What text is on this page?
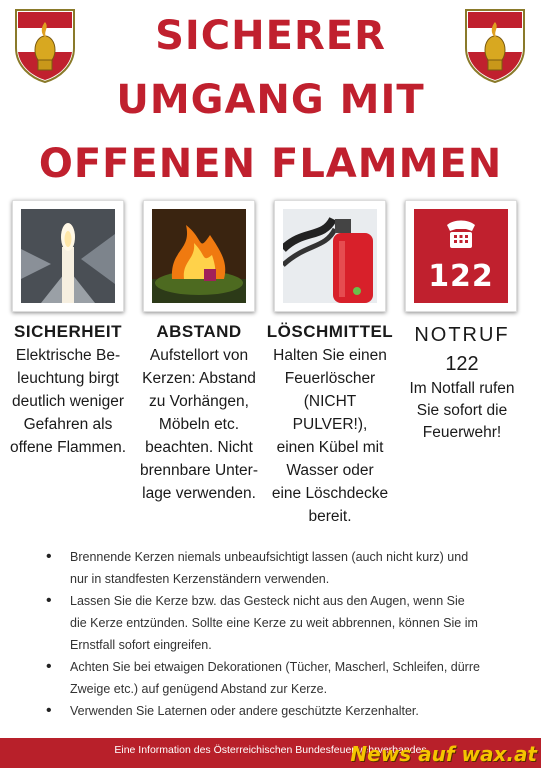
SICHERER
UMGANG MIT
OFFENEN FLAMMEN
122
SICHERHEIT

Elektrische Be-
leuchtung birgt
deutlich weniger
Gefahren als
offene Flammen.

ABSTAND

Aufstellort von
Kerzen: Abstand
zu Vorhängen,
Möbeln etc.
beachten. Nicht
brennbare Unter-
lage verwenden.

LÖSCHMITTEL

Halten Sie einen
Feuerlöscher
(NICHT PULVER!),
einen Kübel mit
Wasser oder
eine Löschdecke
bereit.

NOTRUF
122

Im Notfall rufen
Sie sofort die
Feuerwehr!

• Brennende Kerzen niemals unbeaufsichtigt lassen (auch nicht kurz) und
nur in standfesten Kerzenständern verwenden.
• Lassen Sie die Kerze bzw. das Gesteck nicht aus den Augen, wenn Sie
die Kerze entzünden. Sollte eine Kerze zu weit abbrennen, können Sie im
Ernstfall sofort eingreifen.
• Achten Sie bei etwaigen Dekorationen (Tücher, Mascherl, Schleifen, dürre
Zweige etc.) auf genügend Abstand zur Kerze.
• Verwenden Sie Laternen oder andere geschützte Kerzenhalter.
Eine Information des Österreichischen Bundesfeuerwehrverbandes
News auf wax.at
